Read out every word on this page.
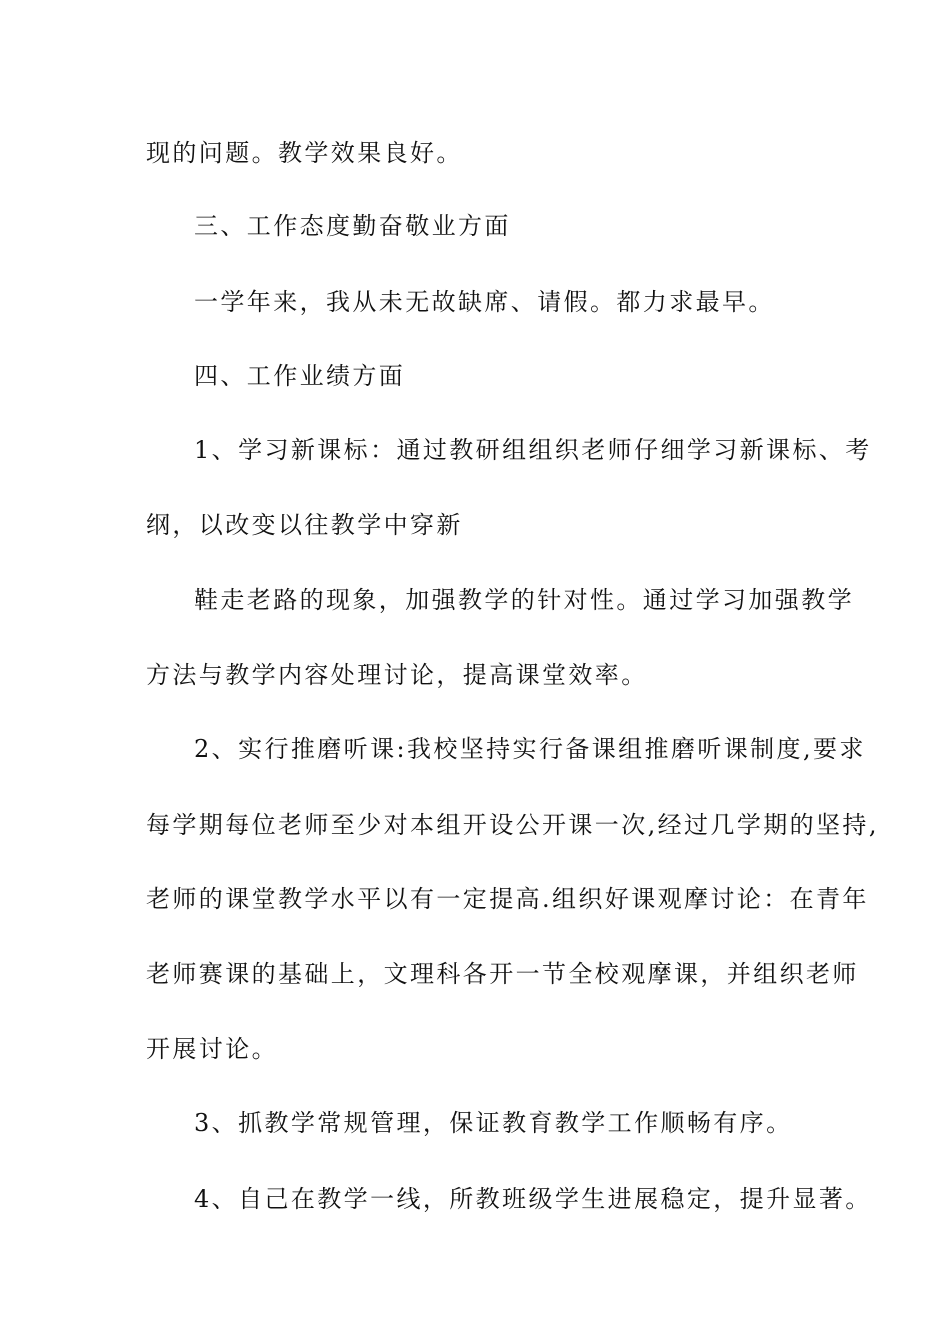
现的问题。教学效果良好。
三、工作态度勤奋敬业方面
一学年来，我从未无故缺席、请假。都力求最早。
四、工作业绩方面
1、学习新课标：通过教研组组织老师仔细学习新课标、考
纲，以改变以往教学中穿新
鞋走老路的现象，加强教学的针对性。通过学习加强教学
方法与教学内容处理讨论，提高课堂效率。
2、实行推磨听课:我校坚持实行备课组推磨听课制度,要求
每学期每位老师至少对本组开设公开课一次,经过几学期的坚持,
老师的课堂教学水平以有一定提高.组织好课观摩讨论：在青年
老师赛课的基础上，文理科各开一节全校观摩课，并组织老师
开展讨论。
3、抓教学常规管理，保证教育教学工作顺畅有序。
4、自己在教学一线，所教班级学生进展稳定，提升显著。
